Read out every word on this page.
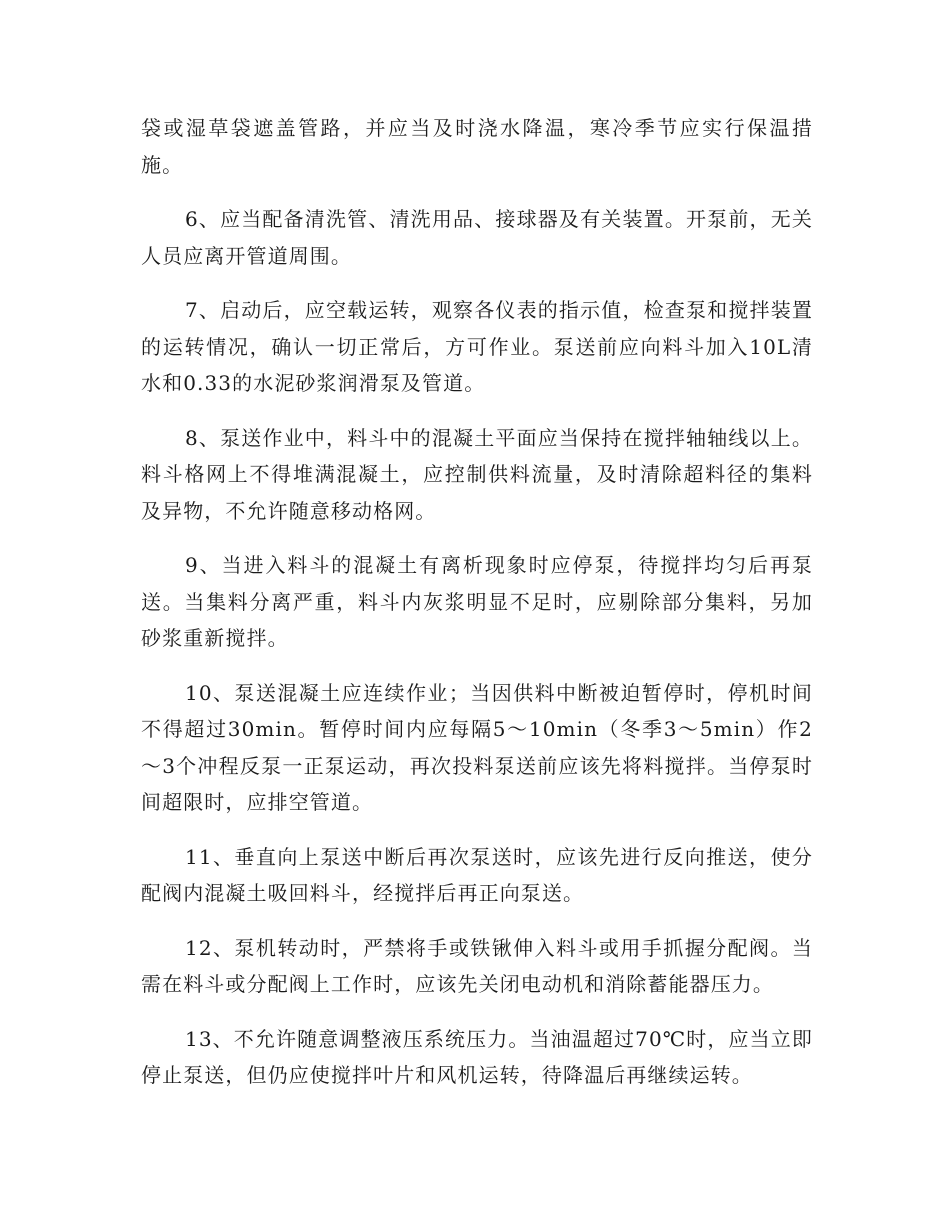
袋或湿草袋遮盖管路，并应当及时浇水降温，寒冷季节应实行保温措施。

6、应当配备清洗管、清洗用品、接球器及有关装置。开泵前，无关人员应离开管道周围。

7、启动后，应空载运转，观察各仪表的指示值，检查泵和搅拌装置的运转情况，确认一切正常后，方可作业。泵送前应向料斗加入10L清水和0.33的水泥砂浆润滑泵及管道。

8、泵送作业中，料斗中的混凝土平面应当保持在搅拌轴轴线以上。料斗格网上不得堆满混凝土，应控制供料流量，及时清除超料径的集料及异物，不允许随意移动格网。

9、当进入料斗的混凝土有离析现象时应停泵，待搅拌均匀后再泵送。当集料分离严重，料斗内灰浆明显不足时，应剔除部分集料，另加砂浆重新搅拌。

10、泵送混凝土应连续作业；当因供料中断被迫暂停时，停机时间不得超过30min。暂停时间内应每隔5～10min（冬季3～5min）作2～3个冲程反泵一正泵运动，再次投料泵送前应该先将料搅拌。当停泵时间超限时，应排空管道。

11、垂直向上泵送中断后再次泵送时，应该先进行反向推送，使分配阀内混凝土吸回料斗，经搅拌后再正向泵送。

12、泵机转动时，严禁将手或铁锹伸入料斗或用手抓握分配阀。当需在料斗或分配阀上工作时，应该先关闭电动机和消除蓄能器压力。

13、不允许随意调整液压系统压力。当油温超过70℃时，应当立即停止泵送，但仍应使搅拌叶片和风机运转，待降温后再继续运转。
